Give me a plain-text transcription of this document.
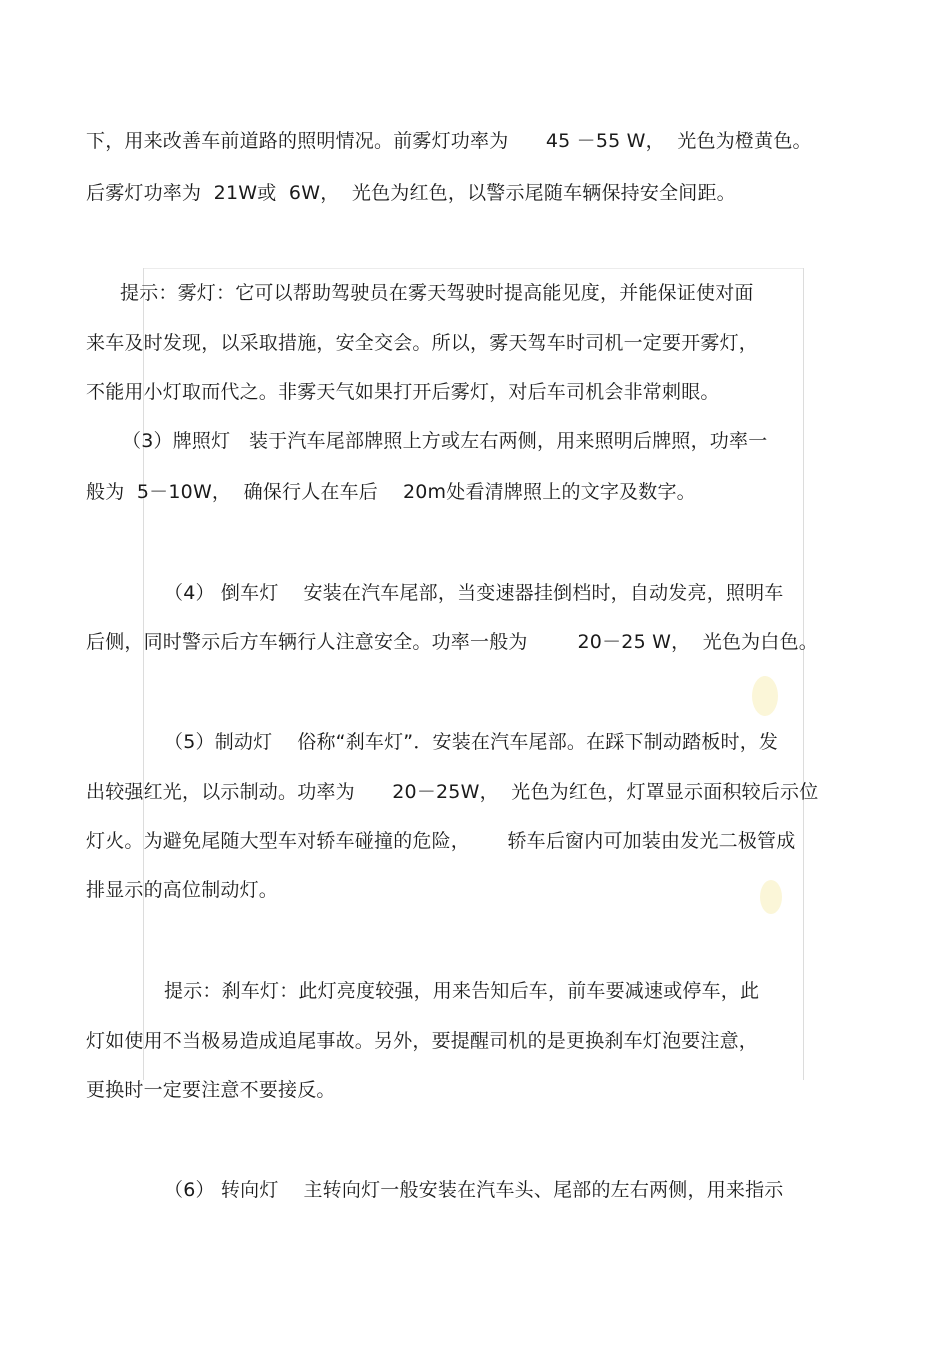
下，用来改善车前道路的照明情况。前雾灯功率为      45 －55 W，  光色为橙黄色。
后雾灯功率为  21W或  6W，  光色为红色，以警示尾随车辆保持安全间距。
提示：雾灯：它可以帮助驾驶员在雾天驾驶时提高能见度，并能保证使对面
来车及时发现，以采取措施，安全交会。所以，雾天驾车时司机一定要开雾灯，
不能用小灯取而代之。非雾天气如果打开后雾灯，对后车司机会非常刺眼。
（3）牌照灯   装于汽车尾部牌照上方或左右两侧，用来照明后牌照，功率一
般为  5－10W，  确保行人在车后    20m处看清牌照上的文字及数字。
（4） 倒车灯    安装在汽车尾部，当变速器挂倒档时，自动发亮，照明车
后侧，同时警示后方车辆行人注意安全。功率一般为        20－25 W，  光色为白色。
（5）制动灯    俗称“刹车灯”．安装在汽车尾部。在踩下制动踏板时，发
出较强红光，以示制动。功率为      20－25W，  光色为红色，灯罩显示面积较后示位
灯火。为避免尾随大型车对轿车碰撞的危险，      轿车后窗内可加装由发光二极管成
排显示的高位制动灯。
提示：刹车灯：此灯亮度较强，用来告知后车，前车要减速或停车，此
灯如使用不当极易造成追尾事故。另外，要提醒司机的是更换刹车灯泡要注意，
更换时一定要注意不要接反。
（6） 转向灯    主转向灯一般安装在汽车头、尾部的左右两侧，用来指示
